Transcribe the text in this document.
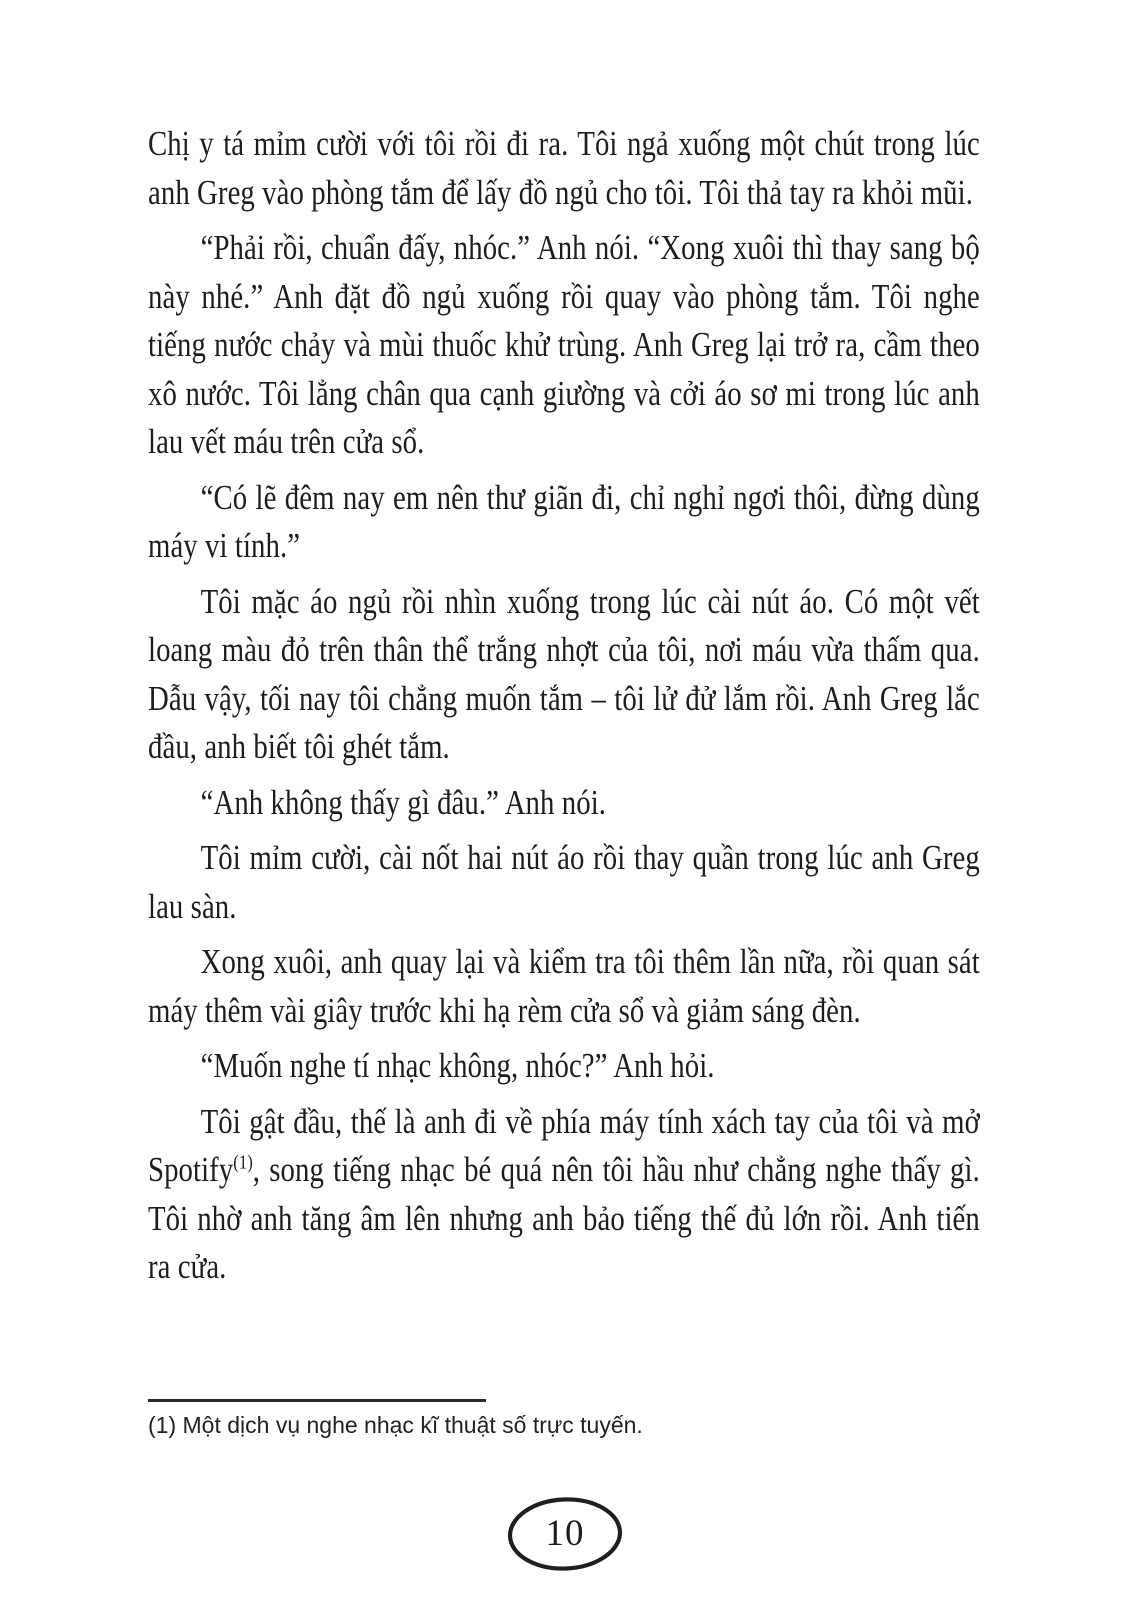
Chị y tá mỉm cười với tôi rồi đi ra. Tôi ngả xuống một chút trong lúc anh Greg vào phòng tắm để lấy đồ ngủ cho tôi. Tôi thả tay ra khỏi mũi.

“Phải rồi, chuẩn đấy, nhóc.” Anh nói. “Xong xuôi thì thay sang bộ này nhé.” Anh đặt đồ ngủ xuống rồi quay vào phòng tắm. Tôi nghe tiếng nước chảy và mùi thuốc khử trùng. Anh Greg lại trở ra, cầm theo xô nước. Tôi lẳng chân qua cạnh giường và cởi áo sơ mi trong lúc anh lau vết máu trên cửa sổ.

“Có lẽ đêm nay em nên thư giãn đi, chỉ nghỉ ngơi thôi, đừng dùng máy vi tính.”

Tôi mặc áo ngủ rồi nhìn xuống trong lúc cài nút áo. Có một vết loang màu đỏ trên thân thể trắng nhợt của tôi, nơi máu vừa thấm qua. Dẫu vậy, tối nay tôi chẳng muốn tắm – tôi lử đử lắm rồi. Anh Greg lắc đầu, anh biết tôi ghét tắm.

“Anh không thấy gì đâu.” Anh nói.

Tôi mỉm cười, cài nốt hai nút áo rồi thay quần trong lúc anh Greg lau sàn.

Xong xuôi, anh quay lại và kiểm tra tôi thêm lần nữa, rồi quan sát máy thêm vài giây trước khi hạ rèm cửa sổ và giảm sáng đèn.

“Muốn nghe tí nhạc không, nhóc?” Anh hỏi.

Tôi gật đầu, thế là anh đi về phía máy tính xách tay của tôi và mở Spotify$^{(1)}$, song tiếng nhạc bé quá nên tôi hầu như chẳng nghe thấy gì. Tôi nhờ anh tăng âm lên nhưng anh bảo tiếng thế đủ lớn rồi. Anh tiến ra cửa.

(1) Một dịch vụ nghe nhạc kĩ thuật số trực tuyến.
10
